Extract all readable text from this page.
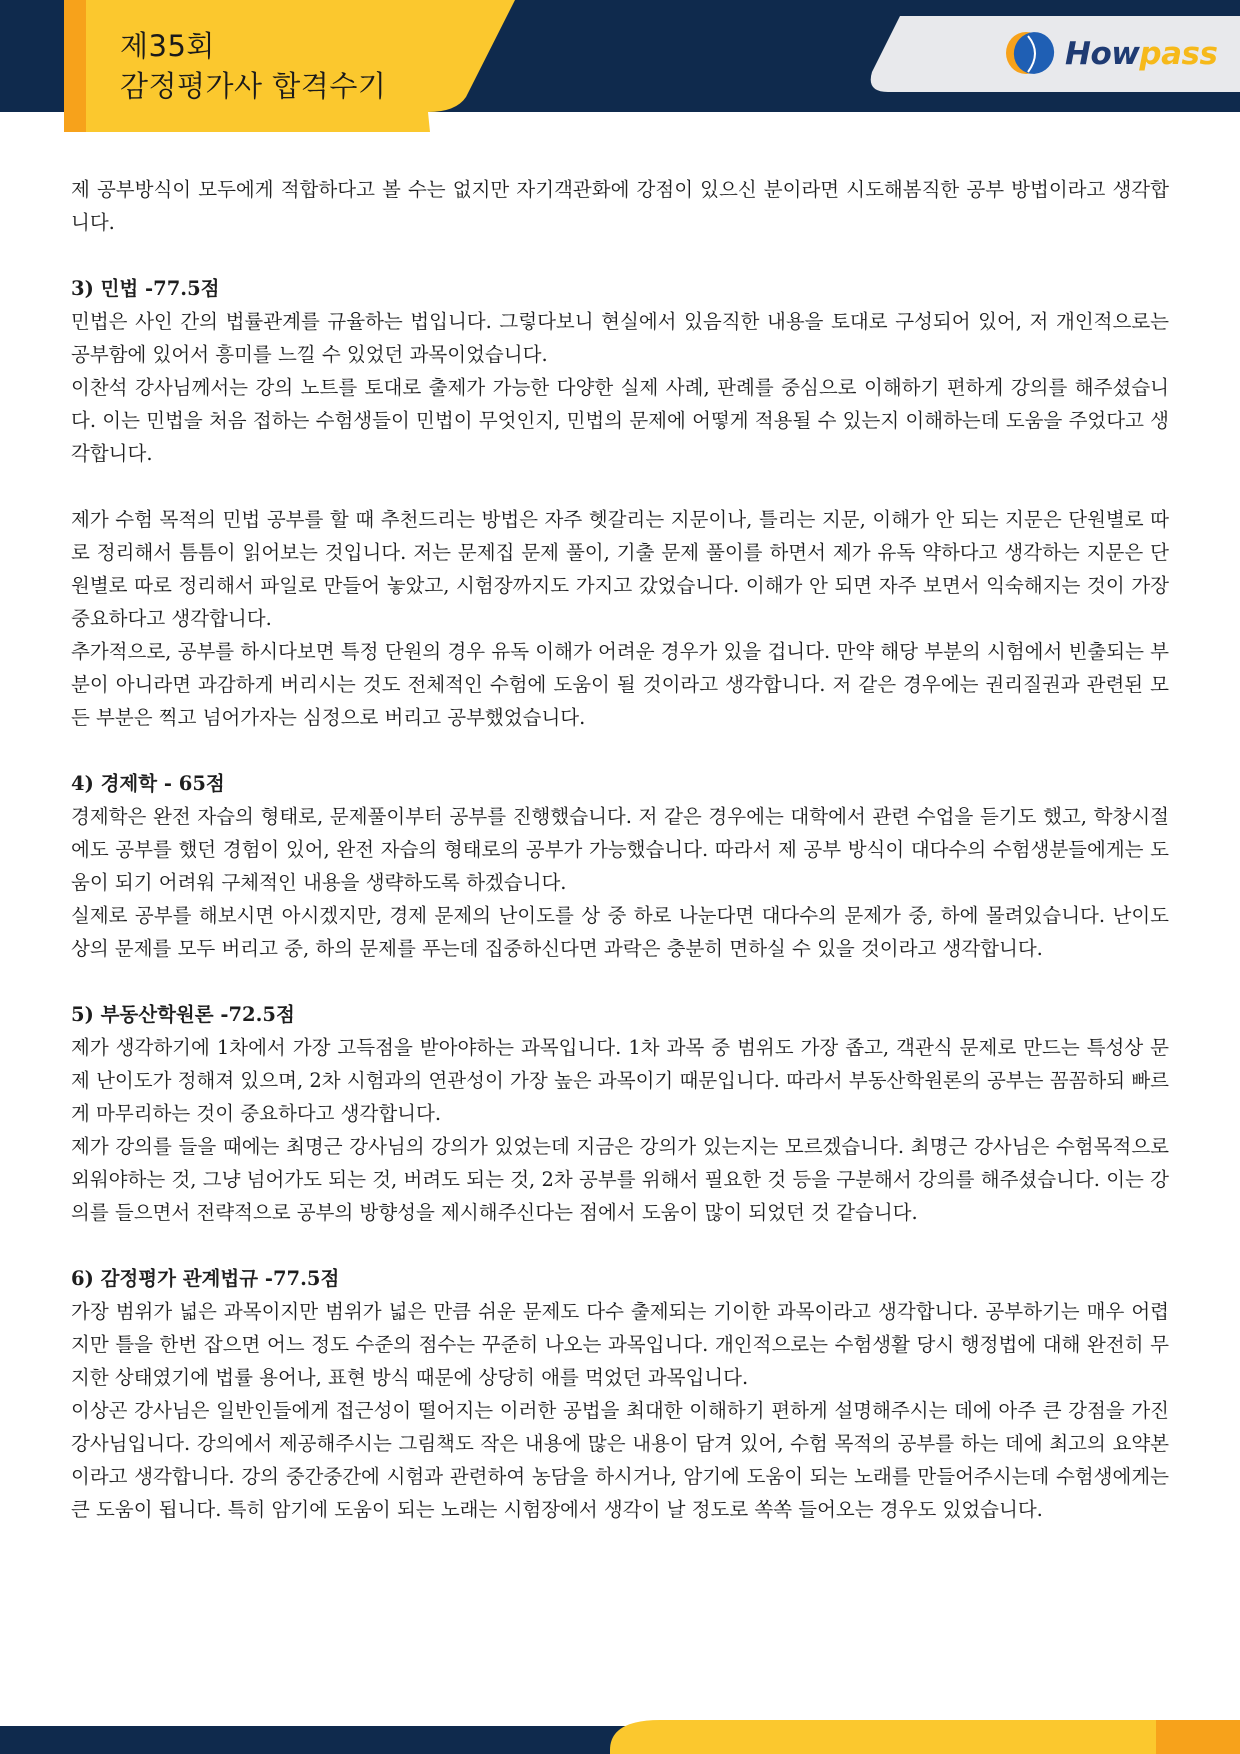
제35회
감정평가사 합격수기
Howpass

제 공부방식이 모두에게 적합하다고 볼 수는 없지만 자기객관화에 강점이 있으신 분이라면 시도해봄직한 공부 방법이라고 생각합니다.

3) 민법 -77.5점

민법은 사인 간의 법률관계를 규율하는 법입니다. 그렇다보니 현실에서 있음직한 내용을 토대로 구성되어 있어, 저 개인적으로는 공부함에 있어서 흥미를 느낄 수 있었던 과목이었습니다.

이찬석 강사님께서는 강의 노트를 토대로 출제가 가능한 다양한 실제 사례, 판례를 중심으로 이해하기 편하게 강의를 해주셨습니다. 이는 민법을 처음 접하는 수험생들이 민법이 무엇인지, 민법의 문제에 어떻게 적용될 수 있는지 이해하는데 도움을 주었다고 생각합니다.

제가 수험 목적의 민법 공부를 할 때 추천드리는 방법은 자주 헷갈리는 지문이나, 틀리는 지문, 이해가 안 되는 지문은 단원별로 따로 정리해서 틈틈이 읽어보는 것입니다. 저는 문제집 문제 풀이, 기출 문제 풀이를 하면서 제가 유독 약하다고 생각하는 지문은 단원별로 따로 정리해서 파일로 만들어 놓았고, 시험장까지도 가지고 갔었습니다. 이해가 안 되면 자주 보면서 익숙해지는 것이 가장 중요하다고 생각합니다.

추가적으로, 공부를 하시다보면 특정 단원의 경우 유독 이해가 어려운 경우가 있을 겁니다. 만약 해당 부분의 시험에서 빈출되는 부분이 아니라면 과감하게 버리시는 것도 전체적인 수험에 도움이 될 것이라고 생각합니다. 저 같은 경우에는 권리질권과 관련된 모든 부분은 찍고 넘어가자는 심정으로 버리고 공부했었습니다.

4) 경제학 - 65점

경제학은 완전 자습의 형태로, 문제풀이부터 공부를 진행했습니다. 저 같은 경우에는 대학에서 관련 수업을 듣기도 했고, 학창시절에도 공부를 했던 경험이 있어, 완전 자습의 형태로의 공부가 가능했습니다. 따라서 제 공부 방식이 대다수의 수험생분들에게는 도움이 되기 어려워 구체적인 내용을 생략하도록 하겠습니다.

실제로 공부를 해보시면 아시겠지만, 경제 문제의 난이도를 상 중 하로 나눈다면 대다수의 문제가 중, 하에 몰려있습니다. 난이도 상의 문제를 모두 버리고 중, 하의 문제를 푸는데 집중하신다면 과락은 충분히 면하실 수 있을 것이라고 생각합니다.

5) 부동산학원론 -72.5점

제가 생각하기에 1차에서 가장 고득점을 받아야하는 과목입니다. 1차 과목 중 범위도 가장 좁고, 객관식 문제로 만드는 특성상 문제 난이도가 정해져 있으며, 2차 시험과의 연관성이 가장 높은 과목이기 때문입니다. 따라서 부동산학원론의 공부는 꼼꼼하되 빠르게 마무리하는 것이 중요하다고 생각합니다.

제가 강의를 들을 때에는 최명근 강사님의 강의가 있었는데 지금은 강의가 있는지는 모르겠습니다. 최명근 강사님은 수험목적으로 외워야하는 것, 그냥 넘어가도 되는 것, 버려도 되는 것, 2차 공부를 위해서 필요한 것 등을 구분해서 강의를 해주셨습니다. 이는 강의를 들으면서 전략적으로 공부의 방향성을 제시해주신다는 점에서 도움이 많이 되었던 것 같습니다.

6) 감정평가 관계법규 -77.5점

가장 범위가 넓은 과목이지만 범위가 넓은 만큼 쉬운 문제도 다수 출제되는 기이한 과목이라고 생각합니다. 공부하기는 매우 어렵지만 틀을 한번 잡으면 어느 정도 수준의 점수는 꾸준히 나오는 과목입니다. 개인적으로는 수험생활 당시 행정법에 대해 완전히 무지한 상태였기에 법률 용어나, 표현 방식 때문에 상당히 애를 먹었던 과목입니다.

이상곤 강사님은 일반인들에게 접근성이 떨어지는 이러한 공법을 최대한 이해하기 편하게 설명해주시는 데에 아주 큰 강점을 가진 강사님입니다. 강의에서 제공해주시는 그림책도 작은 내용에 많은 내용이 담겨 있어, 수험 목적의 공부를 하는 데에 최고의 요약본이라고 생각합니다. 강의 중간중간에 시험과 관련하여 농담을 하시거나, 암기에 도움이 되는 노래를 만들어주시는데 수험생에게는 큰 도움이 됩니다. 특히 암기에 도움이 되는 노래는 시험장에서 생각이 날 정도로 쏙쏙 들어오는 경우도 있었습니다.
